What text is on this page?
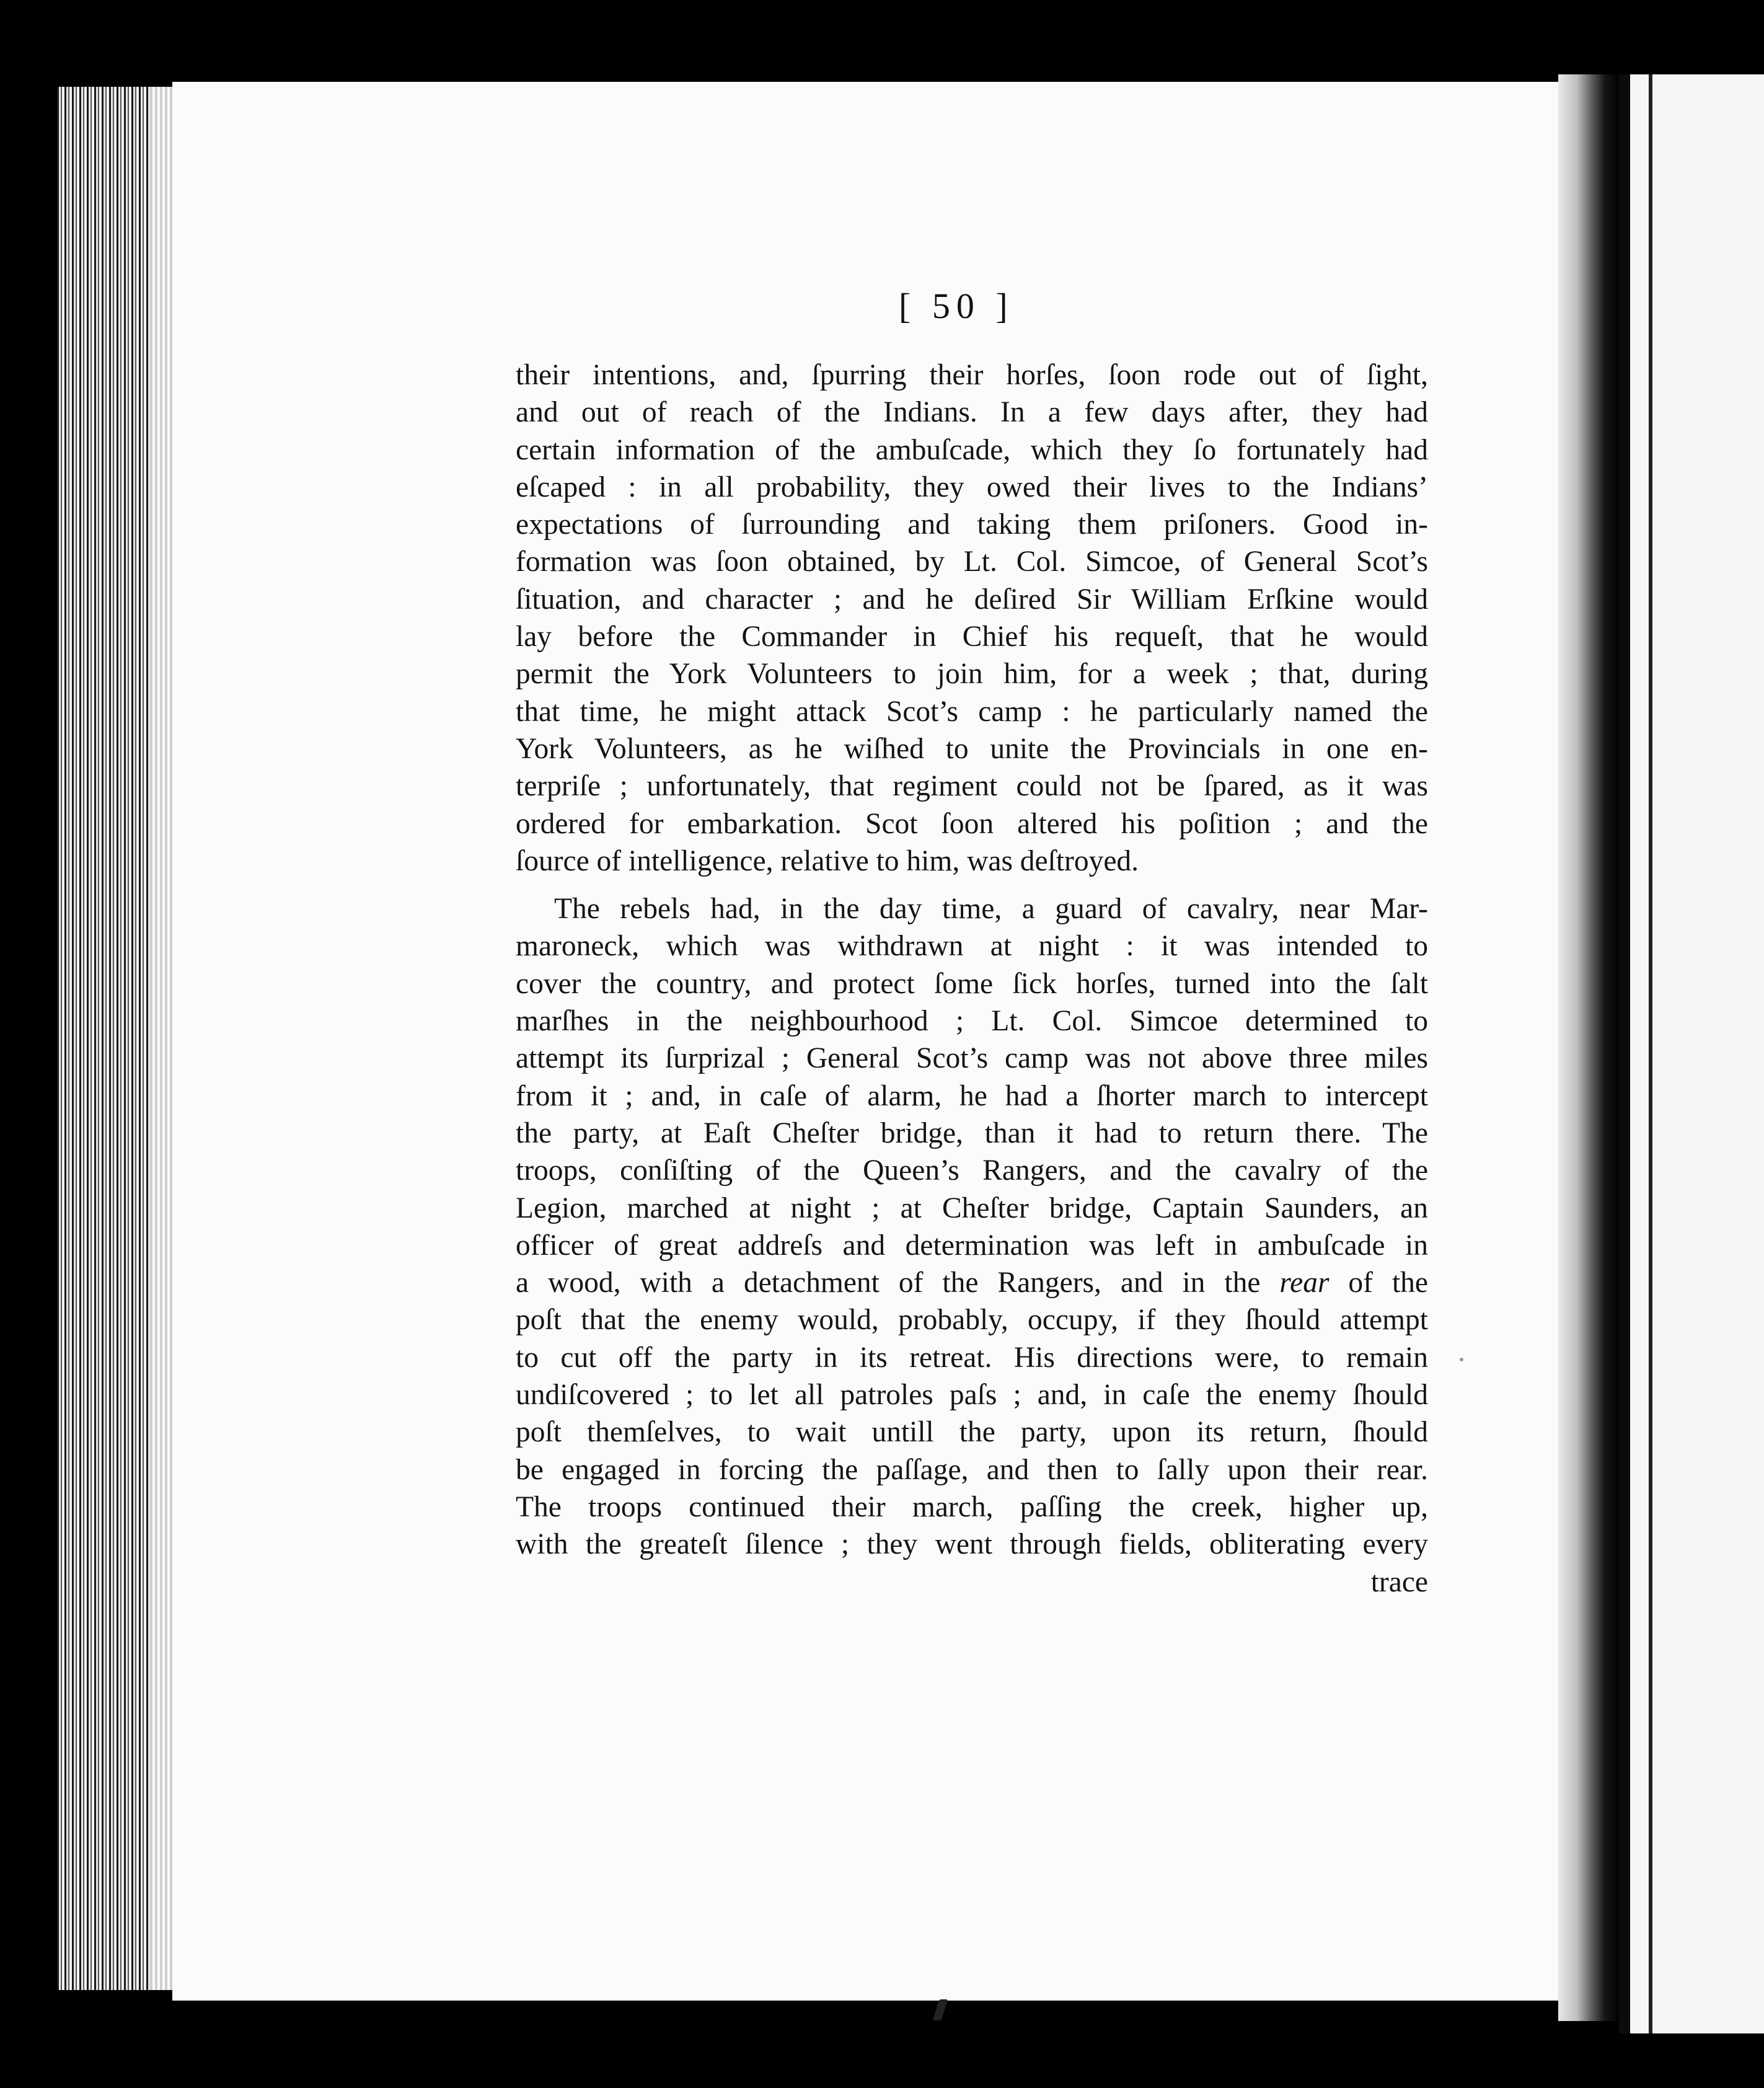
[ 50 ]
their intentions, and, ſpurring their horſes, ſoon rode out of ſight,
and out of reach of the Indians. In a few days after, they had
certain information of the ambuſcade, which they ſo fortunately had
eſcaped : in all probability, they owed their lives to the Indians’
expectations of ſurrounding and taking them priſoners. Good in-
formation was ſoon obtained, by Lt. Col. Simcoe, of General Scot’s
ſituation, and character ; and he deſired Sir William Erſkine would
lay before the Commander in Chief his requeſt, that he would
permit the York Volunteers to join him, for a week ; that, during
that time, he might attack Scot’s camp : he particularly named the
York Volunteers, as he wiſhed to unite the Provincials in one en-
terpriſe ; unfortunately, that regiment could not be ſpared, as it was
ordered for embarkation. Scot ſoon altered his poſition ; and the
ſource of intelligence, relative to him, was deſtroyed.
The rebels had, in the day time, a guard of cavalry, near Mar-
maroneck, which was withdrawn at night : it was intended to
cover the country, and protect ſome ſick horſes, turned into the ſalt
marſhes in the neighbourhood ; Lt. Col. Simcoe determined to
attempt its ſurprizal ; General Scot’s camp was not above three miles
from it ; and, in caſe of alarm, he had a ſhorter march to intercept
the party, at Eaſt Cheſter bridge, than it had to return there. The
troops, conſiſting of the Queen’s Rangers, and the cavalry of the
Legion, marched at night ; at Cheſter bridge, Captain Saunders, an
officer of great addreſs and determination was left in ambuſcade in
a wood, with a detachment of the Rangers, and in the rear of the
poſt that the enemy would, probably, occupy, if they ſhould attempt
to cut off the party in its retreat. His directions were, to remain
undiſcovered ; to let all patroles paſs ; and, in caſe the enemy ſhould
poſt themſelves, to wait untill the party, upon its return, ſhould
be engaged in forcing the paſſage, and then to ſally upon their rear.
The troops continued their march, paſſing the creek, higher up,
with the greateſt ſilence ; they went through fields, obliterating every
trace
